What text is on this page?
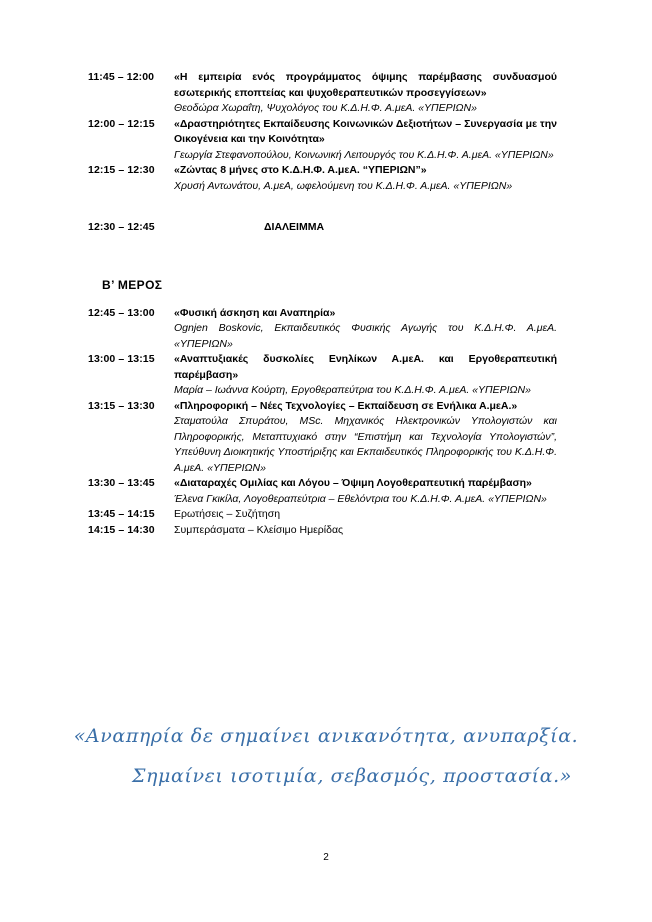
11:45 – 12:00	«Η εμπειρία ενός προγράμματος όψιμης παρέμβασης συνδυασμού εσωτερικής εποπτείας και ψυχοθεραπευτικών προσεγγίσεων»
Θεοδώρα Χωραΐτη, Ψυχολόγος του Κ.Δ.Η.Φ. Α.μεΑ. «ΥΠΕΡΙΩΝ»
12:00 – 12:15	«Δραστηριότητες Εκπαίδευσης Κοινωνικών Δεξιοτήτων – Συνεργασία με την Οικογένεια και την Κοινότητα»
Γεωργία Στεφανοπούλου, Κοινωνική Λειτουργός του Κ.Δ.Η.Φ. Α.μεΑ. «ΥΠΕΡΙΩΝ»
12:15 – 12:30	«Ζώντας 8 μήνες στο Κ.Δ.Η.Φ. Α.μεΑ. “ΥΠΕΡΙΩΝ”»
Χρυσή Αντωνάτου, Α.μεΑ, ωφελούμενη του Κ.Δ.Η.Φ. Α.μεΑ. «ΥΠΕΡΙΩΝ»
12:30 – 12:45	ΔΙΑΛΕΙΜΜΑ
Β’ ΜΕΡΟΣ
12:45 – 13:00	«Φυσική άσκηση και Αναπηρία»
Ognjen Boskovic, Εκπαιδευτικός Φυσικής Αγωγής του Κ.Δ.Η.Φ. Α.μεΑ. «ΥΠΕΡΙΩΝ»
13:00 – 13:15	«Αναπτυξιακές δυσκολίες Ενηλίκων Α.μεΑ. και Εργοθεραπευτική παρέμβαση»
Μαρία – Ιωάννα Κούρτη, Εργοθεραπεύτρια του Κ.Δ.Η.Φ. Α.μεΑ. «ΥΠΕΡΙΩΝ»
13:15 – 13:30	«Πληροφορική – Νέες Τεχνολογίες – Εκπαίδευση σε Ενήλικα Α.μεΑ.»
Σταματούλα Σπυράτου, MSc. Μηχανικός Ηλεκτρονικών Υπολογιστών και Πληροφορικής, Μεταπτυχιακό στην “Επιστήμη και Τεχνολογία Υπολογιστών”, Υπεύθυνη Διοικητικής Υποστήριξης και Εκπαιδευτικός Πληροφορικής του Κ.Δ.Η.Φ. Α.μεΑ. «ΥΠΕΡΙΩΝ»
13:30 – 13:45	«Διαταραχές Ομιλίας και Λόγου – Όψιμη Λογοθεραπευτική παρέμβαση»
Έλενα Γκικίλα, Λογοθεραπεύτρια – Εθελόντρια του Κ.Δ.Η.Φ. Α.μεΑ. «ΥΠΕΡΙΩΝ»
13:45 – 14:15	Ερωτήσεις – Συζήτηση
14:15 – 14:30	Συμπεράσματα – Κλείσιμο Ημερίδας
«Αναπηρία δε σημαίνει ανικανότητα, ανυπαρξία.
Σημαίνει ισοτιμία, σεβασμός, προστασία.»
2
